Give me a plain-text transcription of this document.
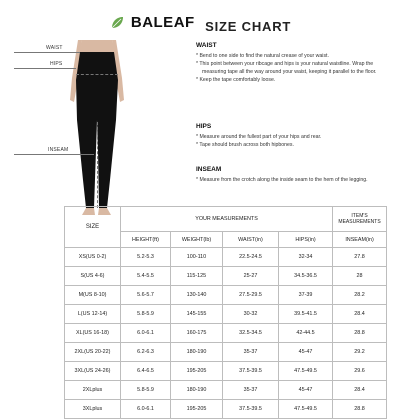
BALEAF SIZE CHART
WAIST
HIPS
INSEAM
WAIST
* Bend to one side to find the natural crease of your waist.
* This point between your ribcage and hips is your natural waistline. Wrap the measuring tape all the way around your waist, keeping it parallel to the floor.
* Keep the tape comfortably loose.
HIPS
* Measure around the fullest part of your hips and rear.
* Tape should brush across both hipbones.
INSEAM
* Measure from the crotch along the inside seam to the hem of the legging.
SIZE	YOUR MEASUREMENTS				ITEM'S MEASUREMENTS
	HEIGHT(ft)	WEIGHT(lb)	WAIST(in)	HIPS(in)	INSEAM(in)
XS(US 0-2)	5.2-5.3	100-110	22.5-24.5	32-34	27.8
S(US 4-6)	5.4-5.5	115-125	25-27	34.5-36.5	28
M(US 8-10)	5.6-5.7	130-140	27.5-29.5	37-39	28.2
L(US 12-14)	5.8-5.9	145-155	30-32	39.5-41.5	28.4
XL(US 16-18)	6.0-6.1	160-175	32.5-34.5	42-44.5	28.8
2XL(US 20-22)	6.2-6.3	180-190	35-37	45-47	29.2
3XL(US 24-26)	6.4-6.5	195-205	37.5-39.5	47.5-49.5	29.6
2XLplus	5.8-5.9	180-190	35-37	45-47	28.4
3XLplus	6.0-6.1	195-205	37.5-39.5	47.5-49.5	28.8
